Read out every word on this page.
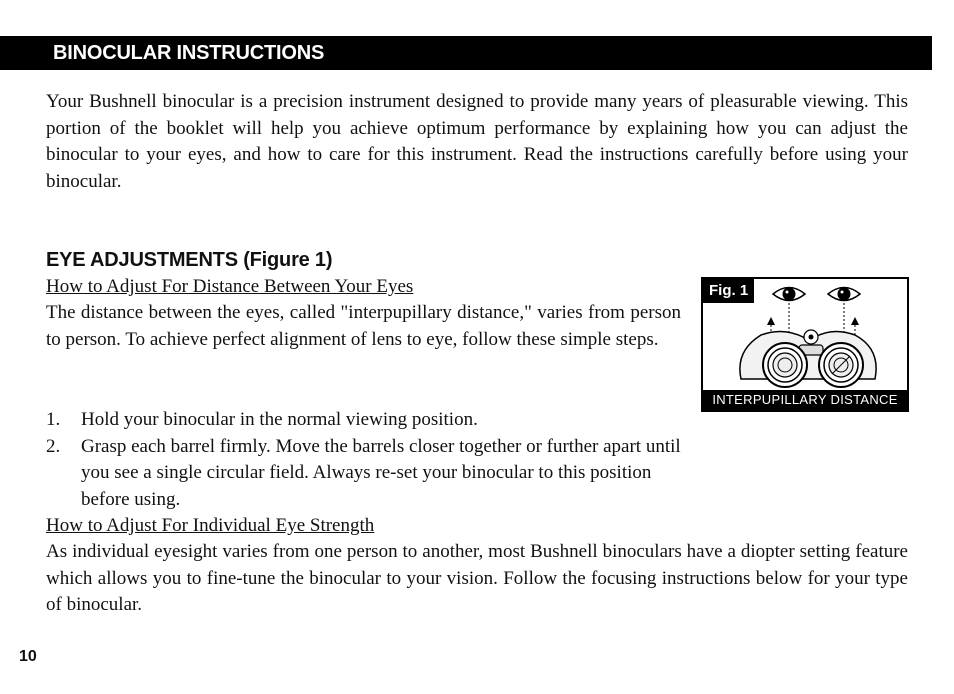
BINOCULAR INSTRUCTIONS

Your Bushnell binocular is a precision instrument designed to provide many years of pleasurable viewing. This portion of the booklet will help you achieve optimum performance by explaining how you can adjust the binocular to your eyes, and how to care for this instrument. Read the instructions carefully before using your binocular.

EYE ADJUSTMENTS (Figure 1)
How to Adjust For Distance Between Your Eyes

The distance between the eyes, called "interpupillary distance," varies from person to person. To achieve perfect alignment of lens to eye, follow these simple steps.

1. Hold your binocular in the normal viewing position.
2. Grasp each barrel firmly. Move the barrels closer together or further apart until you see a single circular field. Always re-set your binocular to this position before using.
How to Adjust For Individual Eye Strength

As individual eyesight varies from one person to another, most Bushnell binoculars have a diopter setting feature which allows you to fine-tune the binocular to your vision. Follow the focusing instructions below for your type of binocular.

Fig. 1
INTERPUPILLARY DISTANCE
10
